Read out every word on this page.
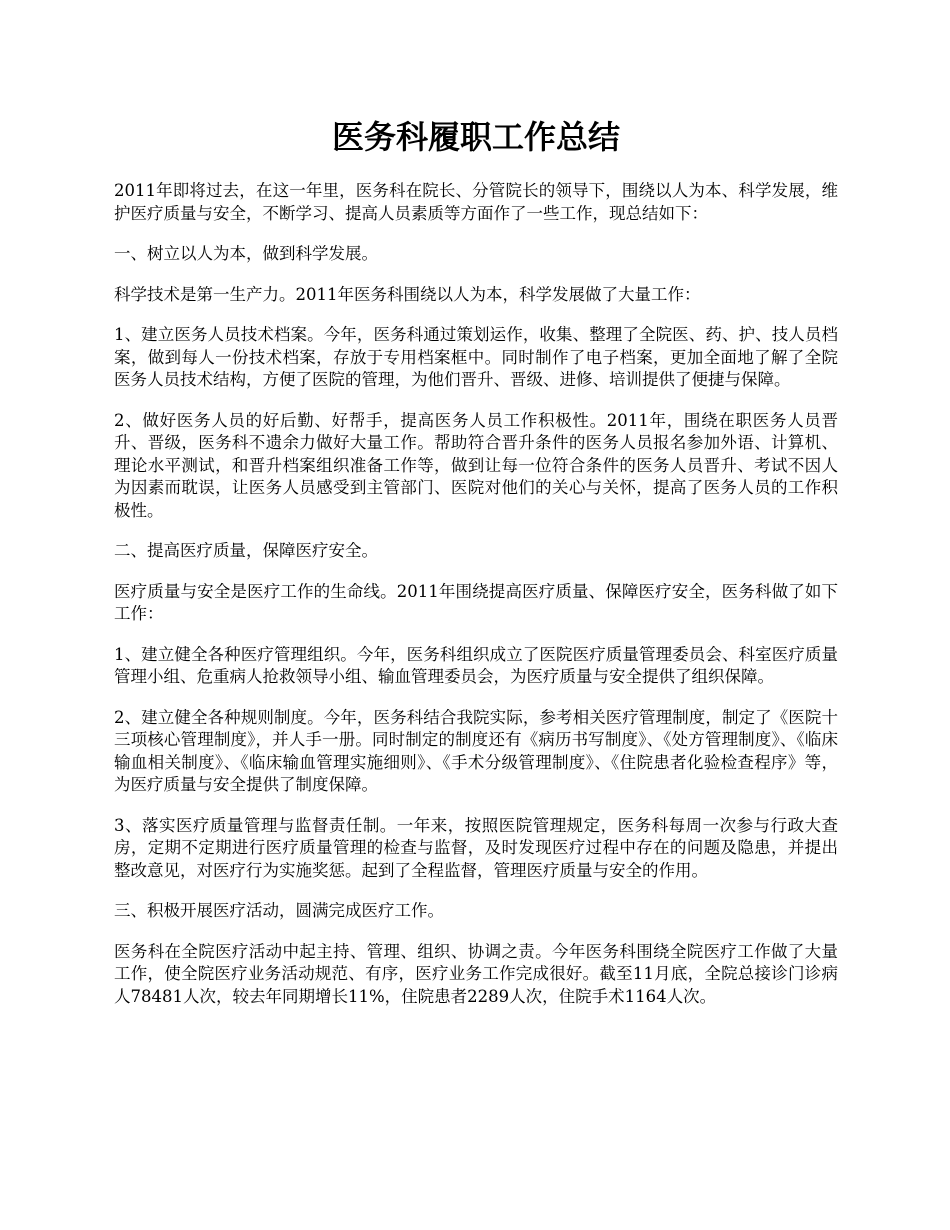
医务科履职工作总结

2011年即将过去，在这一年里，医务科在院长、分管院长的领导下，围绕以人为本、科学发展，维护医疗质量与安全，不断学习、提高人员素质等方面作了一些工作，现总结如下：

一、树立以人为本，做到科学发展。

科学技术是第一生产力。2011年医务科围绕以人为本，科学发展做了大量工作：

1、建立医务人员技术档案。今年，医务科通过策划运作，收集、整理了全院医、药、护、技人员档案，做到每人一份技术档案，存放于专用档案框中。同时制作了电子档案，更加全面地了解了全院医务人员技术结构，方便了医院的管理，为他们晋升、晋级、进修、培训提供了便捷与保障。

2、做好医务人员的好后勤、好帮手，提高医务人员工作积极性。2011年，围绕在职医务人员晋升、晋级，医务科不遗余力做好大量工作。帮助符合晋升条件的医务人员报名参加外语、计算机、理论水平测试，和晋升档案组织准备工作等，做到让每一位符合条件的医务人员晋升、考试不因人为因素而耽误，让医务人员感受到主管部门、医院对他们的关心与关怀，提高了医务人员的工作积极性。

二、提高医疗质量，保障医疗安全。

医疗质量与安全是医疗工作的生命线。2011年围绕提高医疗质量、保障医疗安全，医务科做了如下工作：

1、建立健全各种医疗管理组织。今年，医务科组织成立了医院医疗质量管理委员会、科室医疗质量管理小组、危重病人抢救领导小组、输血管理委员会，为医疗质量与安全提供了组织保障。

2、建立健全各种规则制度。今年，医务科结合我院实际，参考相关医疗管理制度，制定了《医院十三项核心管理制度》，并人手一册。同时制定的制度还有《病历书写制度》、《处方管理制度》、《临床输血相关制度》、《临床输血管理实施细则》、《手术分级管理制度》、《住院患者化验检查程序》等，为医疗质量与安全提供了制度保障。

3、落实医疗质量管理与监督责任制。一年来，按照医院管理规定，医务科每周一次参与行政大查房，定期不定期进行医疗质量管理的检查与监督，及时发现医疗过程中存在的问题及隐患，并提出整改意见，对医疗行为实施奖惩。起到了全程监督，管理医疗质量与安全的作用。

三、积极开展医疗活动，圆满完成医疗工作。

医务科在全院医疗活动中起主持、管理、组织、协调之责。今年医务科围绕全院医疗工作做了大量工作，使全院医疗业务活动规范、有序，医疗业务工作完成很好。截至11月底，全院总接诊门诊病人78481人次，较去年同期增长11%，住院患者2289人次，住院手术1164人次。
